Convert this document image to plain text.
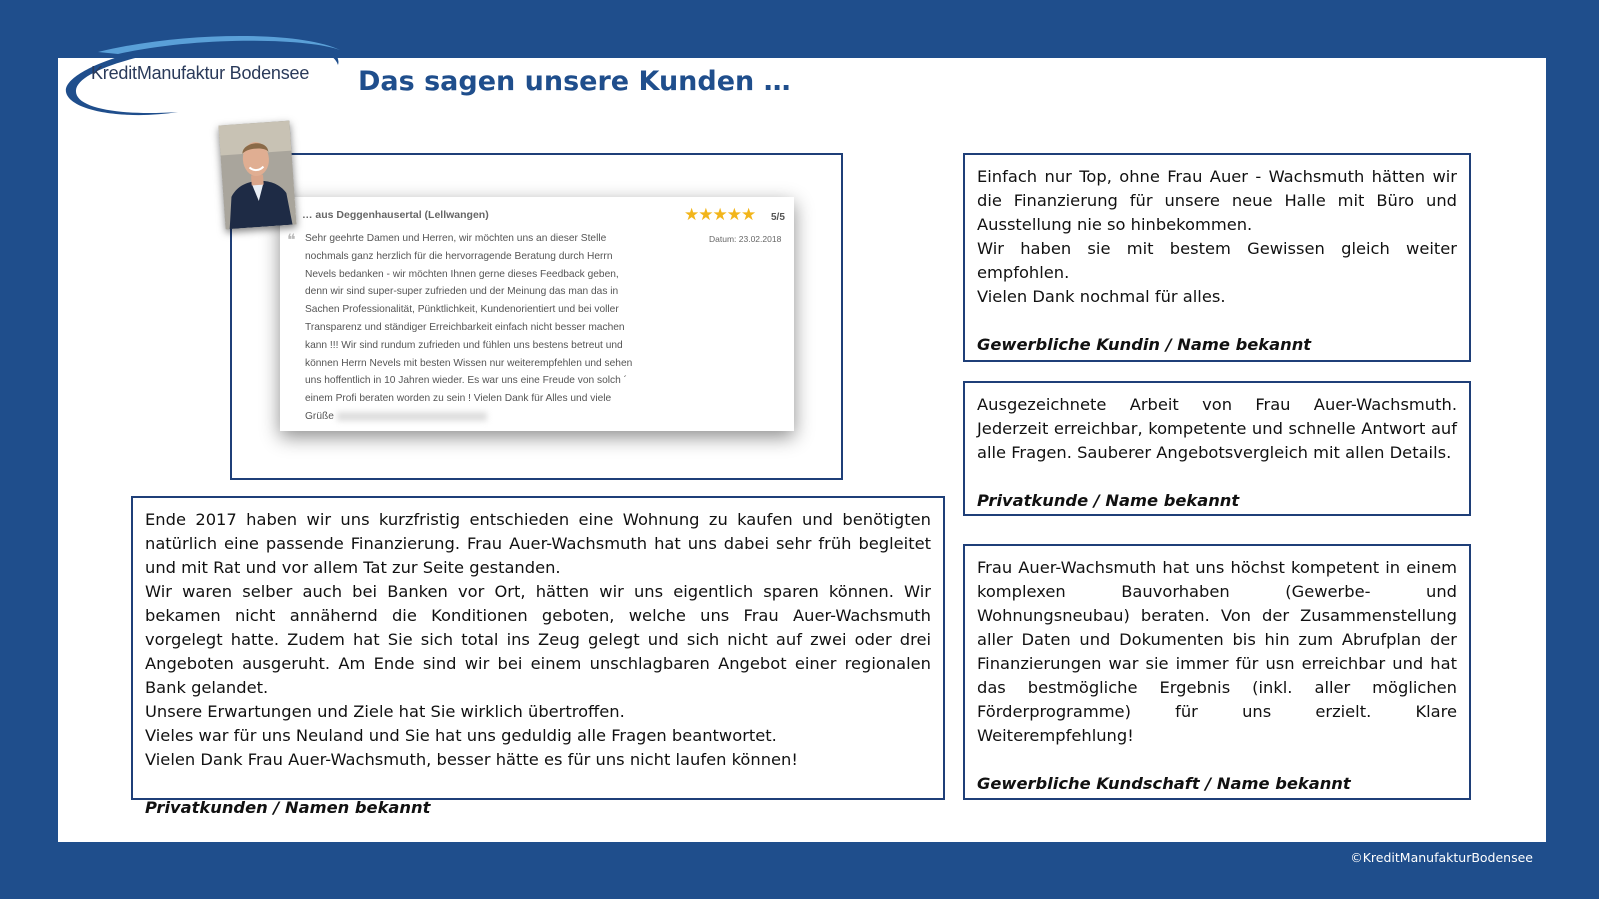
KreditManufaktur Bodensee Das sagen unsere Kunden …
… aus Deggenhausertal (Lellwangen)	★★★★★ 5/5
Datum: 23.02.2018
❝ Sehr geehrte Damen und Herren, wir möchten uns an dieser Stelle
nochmals ganz herzlich für die hervorragende Beratung durch Herrn
Nevels bedanken - wir möchten Ihnen gerne dieses Feedback geben,
denn wir sind super-super zufrieden und der Meinung das man das in
Sachen Professionalität, Pünktlichkeit, Kundenorientiert und bei voller
Transparenz und ständiger Erreichbarkeit einfach nicht besser machen
kann !!! Wir sind rundum zufrieden und fühlen uns bestens betreut und
können Herrn Nevels mit besten Wissen nur weiterempfehlen und sehen
uns hoffentlich in 10 Jahren wieder. Es war uns eine Freude von solch ´
einem Profi beraten worden zu sein ! Vielen Dank für Alles und viele
Grüße

Ende 2017 haben wir uns kurzfristig entschieden eine Wohnung zu kaufen und benötigten natürlich eine passende Finanzierung. Frau Auer-Wachsmuth hat uns dabei sehr früh begleitet und mit Rat und vor allem Tat zur Seite gestanden.

Wir waren selber auch bei Banken vor Ort, hätten wir uns eigentlich sparen können. Wir bekamen nicht annähernd die Konditionen geboten, welche uns Frau Auer-Wachsmuth vorgelegt hatte. Zudem hat Sie sich total ins Zeug gelegt und sich nicht auf zwei oder drei Angeboten ausgeruht. Am Ende sind wir bei einem unschlagbaren Angebot einer regionalen Bank gelandet.

Unsere Erwartungen und Ziele hat Sie wirklich übertroffen.

Vieles war für uns Neuland und Sie hat uns geduldig alle Fragen beantwortet.

Vielen Dank Frau Auer-Wachsmuth, besser hätte es für uns nicht laufen können!

Privatkunden / Namen bekannt

Einfach nur Top, ohne Frau Auer - Wachsmuth hätten wir die Finanzierung für unsere neue Halle mit Büro und Ausstellung nie so hinbekommen.

Wir haben sie mit bestem Gewissen gleich weiter empfohlen.

Vielen Dank nochmal für alles.

Gewerbliche Kundin / Name bekannt

Ausgezeichnete Arbeit von Frau Auer-Wachsmuth. Jederzeit erreichbar, kompetente und schnelle Antwort auf alle Fragen. Sauberer Angebotsvergleich mit allen Details.

Privatkunde / Name bekannt

Frau Auer-Wachsmuth hat uns höchst kompetent in einem komplexen Bauvorhaben (Gewerbe- und Wohnungsneubau) beraten. Von der Zusammenstellung aller Daten und Dokumenten bis hin zum Abrufplan der Finanzierungen war sie immer für usn erreichbar und hat das bestmögliche Ergebnis (inkl. aller möglichen Förderprogramme) für uns erzielt. Klare Weiterempfehlung!

Gewerbliche Kundschaft / Name bekannt

©KreditManufakturBodensee
